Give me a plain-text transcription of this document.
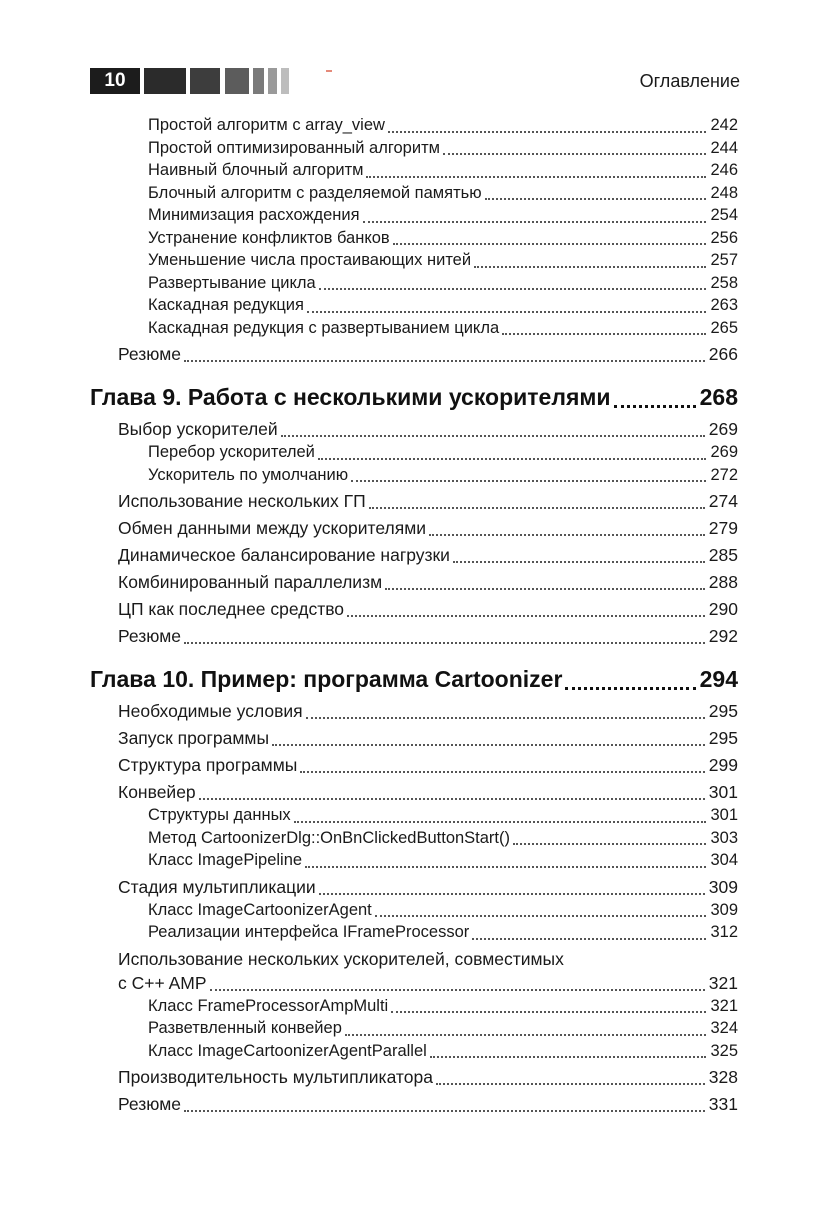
10	Оглавление
Простой алгоритм с array_view	242
Простой оптимизированный алгоритм	244
Наивный блочный алгоритм	246
Блочный алгоритм с разделяемой памятью	248
Минимизация расхождения	254
Устранение конфликтов банков	256
Уменьшение числа простаивающих нитей	257
Развертывание цикла	258
Каскадная редукция	263
Каскадная редукция с развертыванием цикла	265
Резюме	266
Глава 9. Работа с несколькими ускорителями	268
Выбор ускорителей	269
Перебор ускорителей	269
Ускоритель по умолчанию	272
Использование нескольких ГП	274
Обмен данными между ускорителями	279
Динамическое балансирование нагрузки	285
Комбинированный параллелизм	288
ЦП как последнее средство	290
Резюме	292
Глава 10. Пример: программа Cartoonizer	294
Необходимые условия	295
Запуск программы	295
Структура программы	299
Конвейер	301
Структуры данных	301
Метод CartoonizerDlg::OnBnClickedButtonStart()	303
Класс ImagePipeline	304
Стадия мультипликации	309
Класс ImageCartoonizerAgent	309
Реализации интерфейса IFrameProcessor	312
Использование нескольких ускорителей, совместимых
с C++ AMP	321
Класс FrameProcessorAmpMulti	321
Разветвленный конвейер	324
Класс ImageCartoonizerAgentParallel	325
Производительность мультипликатора	328
Резюме	331
